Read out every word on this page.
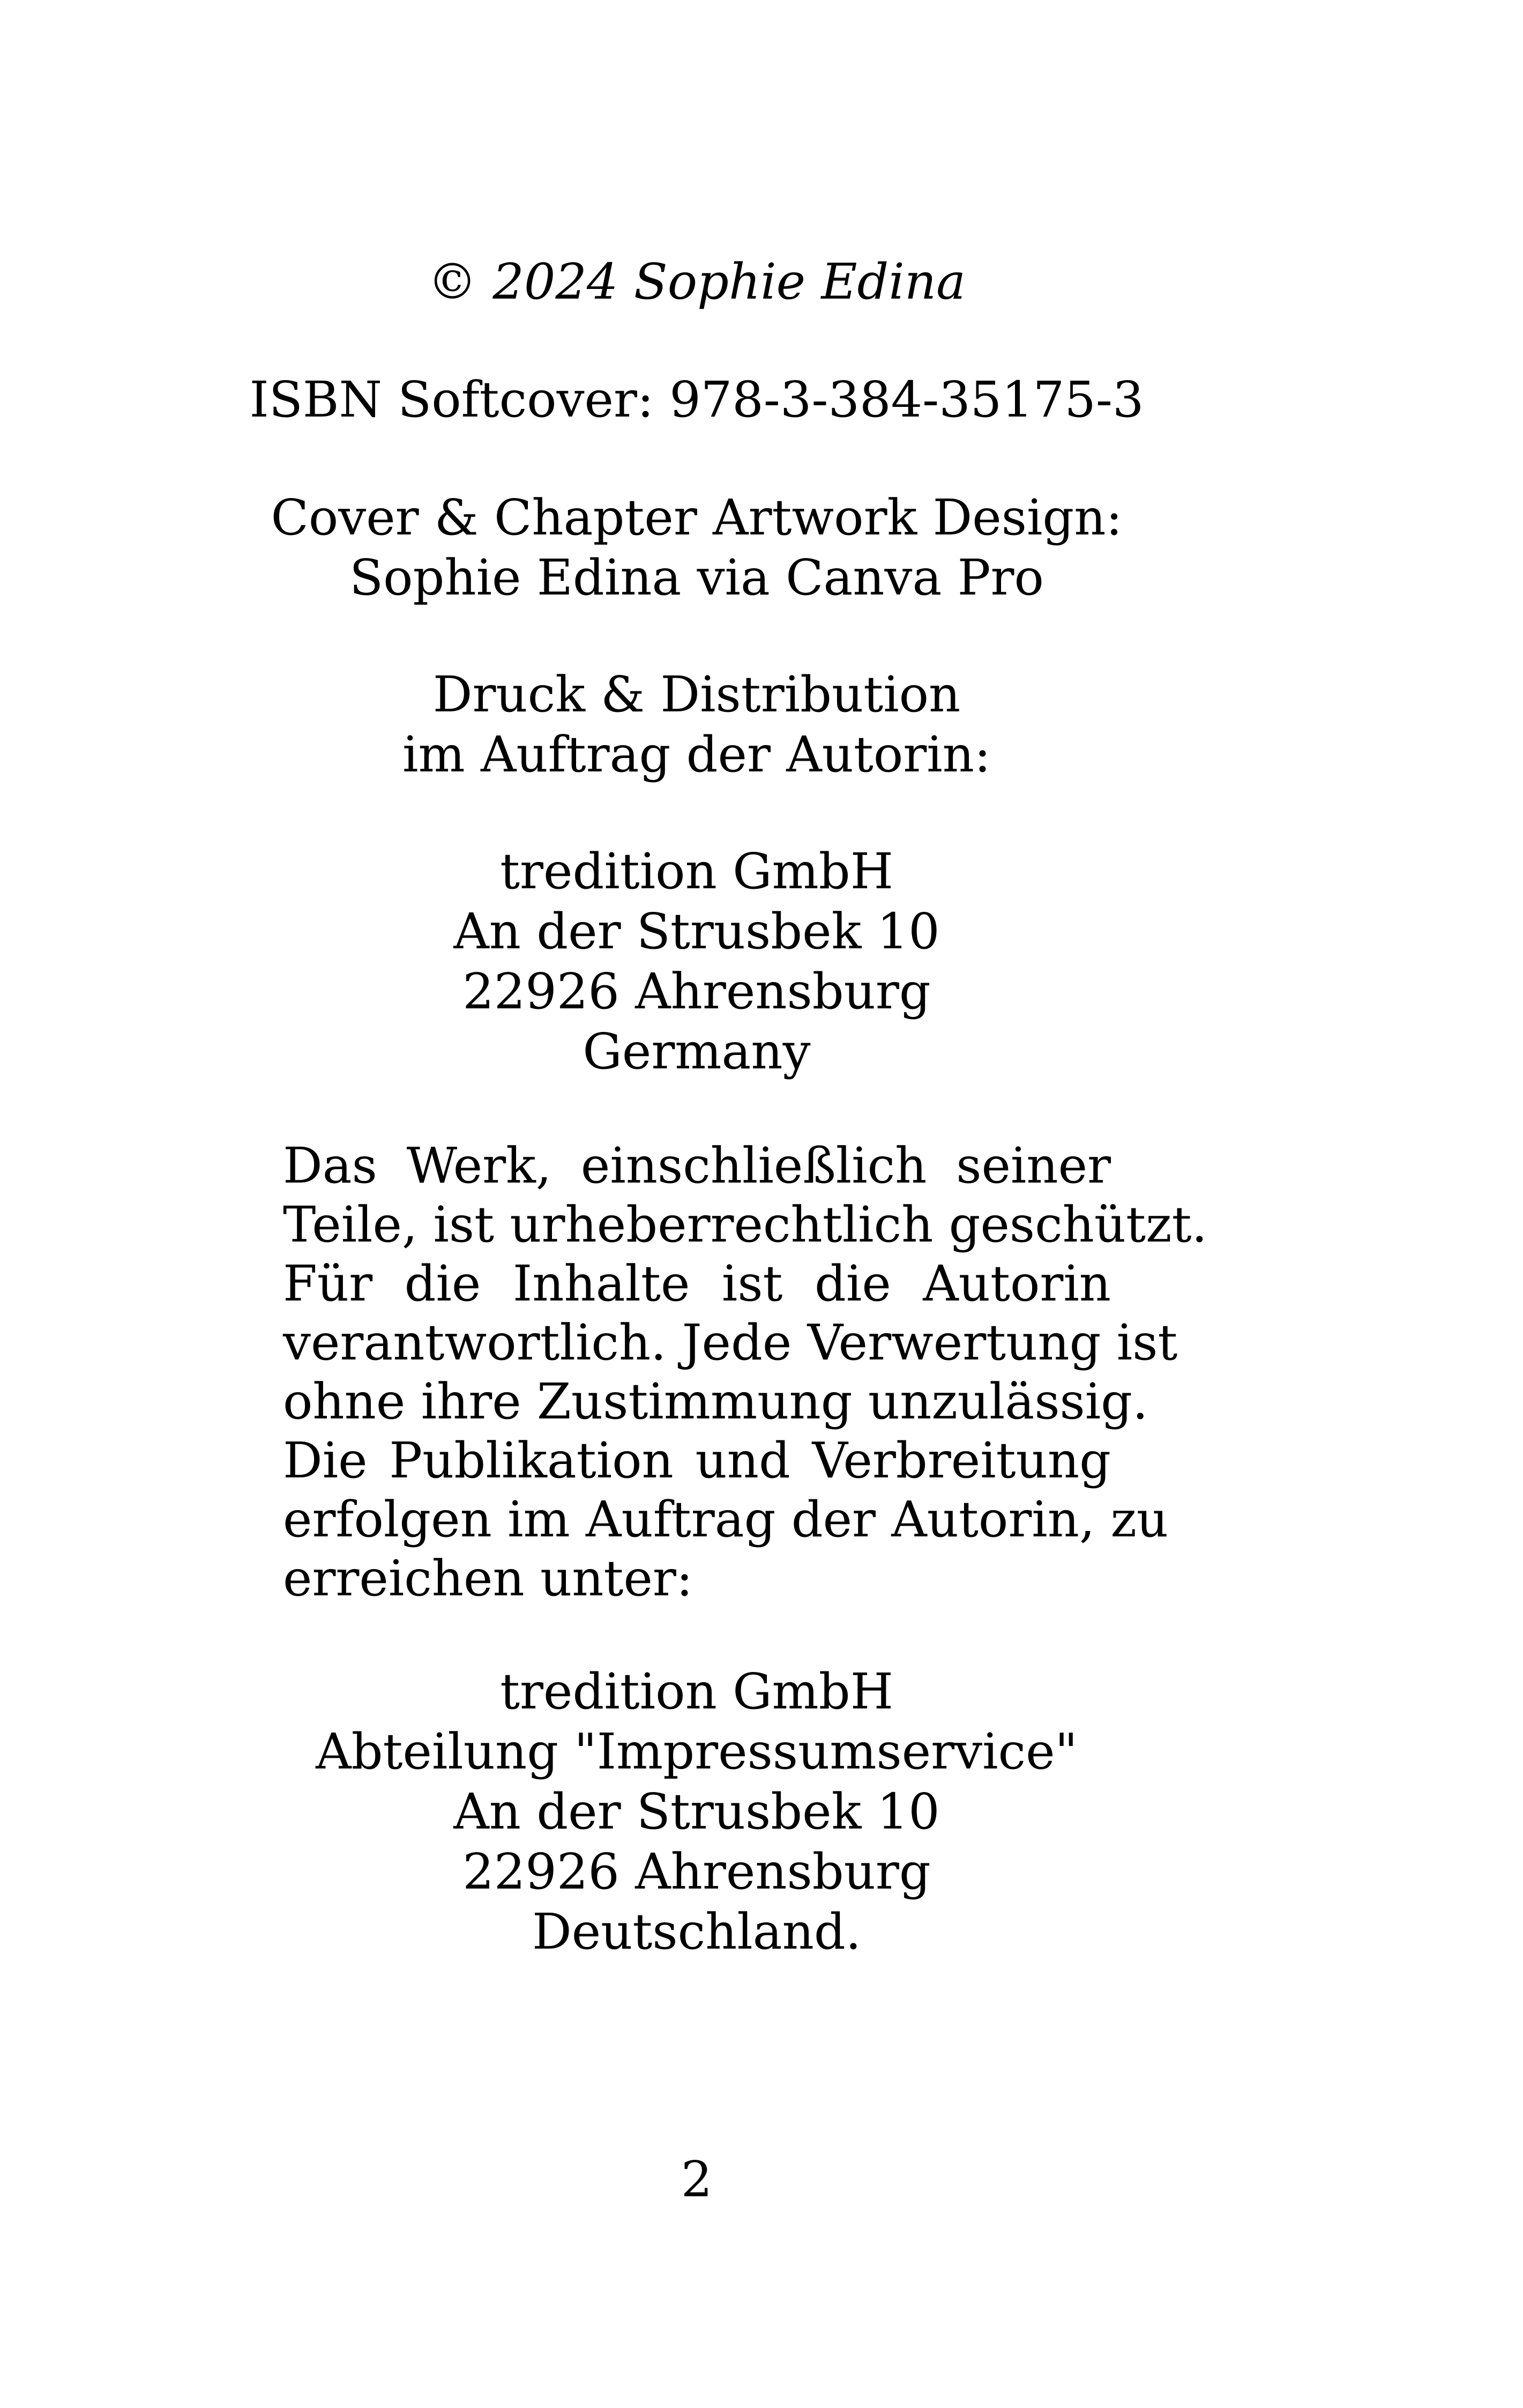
© 2024 Sophie Edina
ISBN Softcover: 978-3-384-35175-3
Cover & Chapter Artwork Design:
Sophie Edina via Canva Pro
Druck & Distribution
im Auftrag der Autorin:
tredition GmbH
An der Strusbek 10
22926 Ahrensburg
Germany
Das Werk, einschließlich seiner
Teile, ist urheberrechtlich geschützt.
Für die Inhalte ist die Autorin
verantwortlich. Jede Verwertung ist
ohne ihre Zustimmung unzulässig.
Die Publikation und Verbreitung
erfolgen im Auftrag der Autorin, zu
erreichen unter:
tredition GmbH
Abteilung "Impressumservice"
An der Strusbek 10
22926 Ahrensburg
Deutschland.
2
